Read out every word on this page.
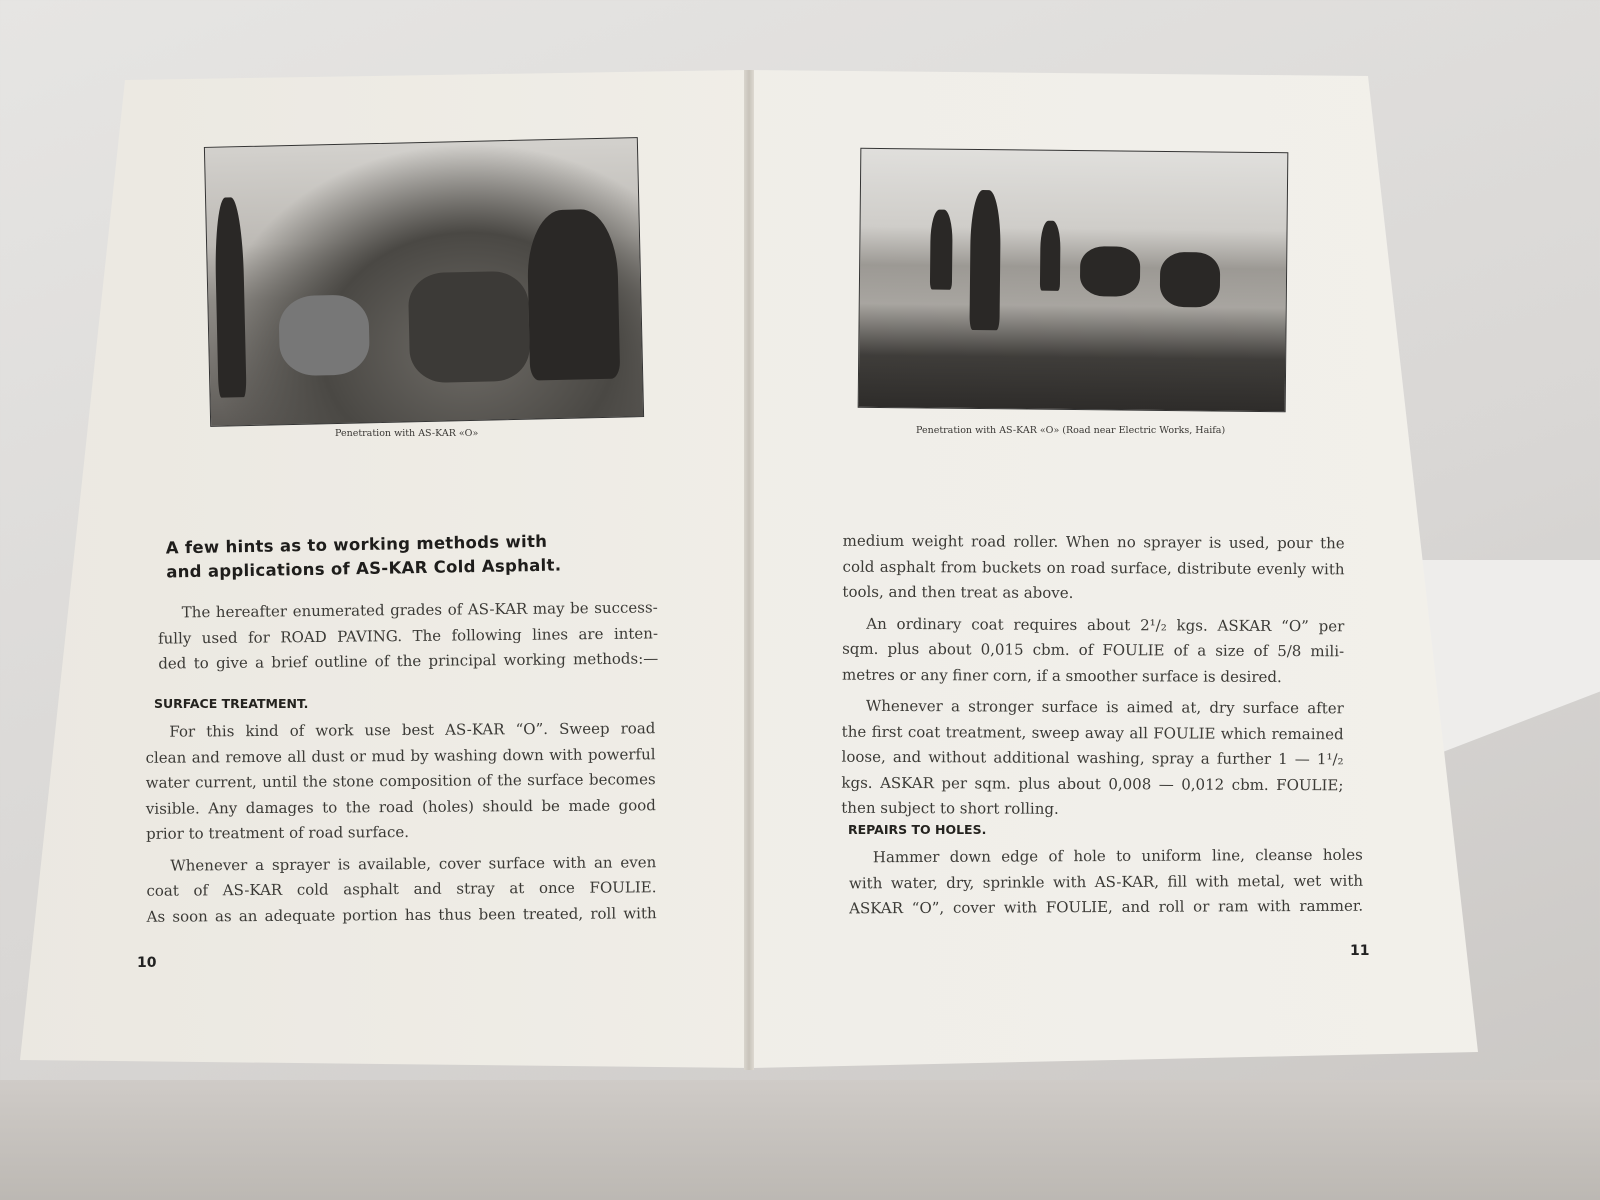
Penetration with AS-KAR «O»
A few hints as to working methods with
and applications of AS-KAR Cold Asphalt.
The hereafter enumerated grades of AS-KAR may be success-
fully used for ROAD PAVING. The following lines are inten-
ded to give a brief outline of the principal working methods:—
SURFACE TREATMENT.
For this kind of work use best AS-KAR “O”. Sweep road
clean and remove all dust or mud by washing down with powerful
water current, until the stone composition of the surface becomes
visible. Any damages to the road (holes) should be made good
prior to treatment of road surface.
Whenever a sprayer is available, cover surface with an even
coat of AS-KAR cold asphalt and stray at once FOULIE.
As soon as an adequate portion has thus been treated, roll with
10
Penetration with AS-KAR «O» (Road near Electric Works, Haifa)
medium weight road roller. When no sprayer is used, pour the
cold asphalt from buckets on road surface, distribute evenly with
tools, and then treat as above.
An ordinary coat requires about 2¹/₂ kgs. ASKAR “O” per
sqm. plus about 0,015 cbm. of FOULIE of a size of 5/8 mili-
metres or any finer corn, if a smoother surface is desired.
Whenever a stronger surface is aimed at, dry surface after
the first coat treatment, sweep away all FOULIE which remained
loose, and without additional washing, spray a further 1 — 1¹/₂
kgs. ASKAR per sqm. plus about 0,008 — 0,012 cbm. FOULIE;
then subject to short rolling.
REPAIRS TO HOLES.
Hammer down edge of hole to uniform line, cleanse holes
with water, dry, sprinkle with AS-KAR, fill with metal, wet with
ASKAR “O”, cover with FOULIE, and roll or ram with rammer.
11
